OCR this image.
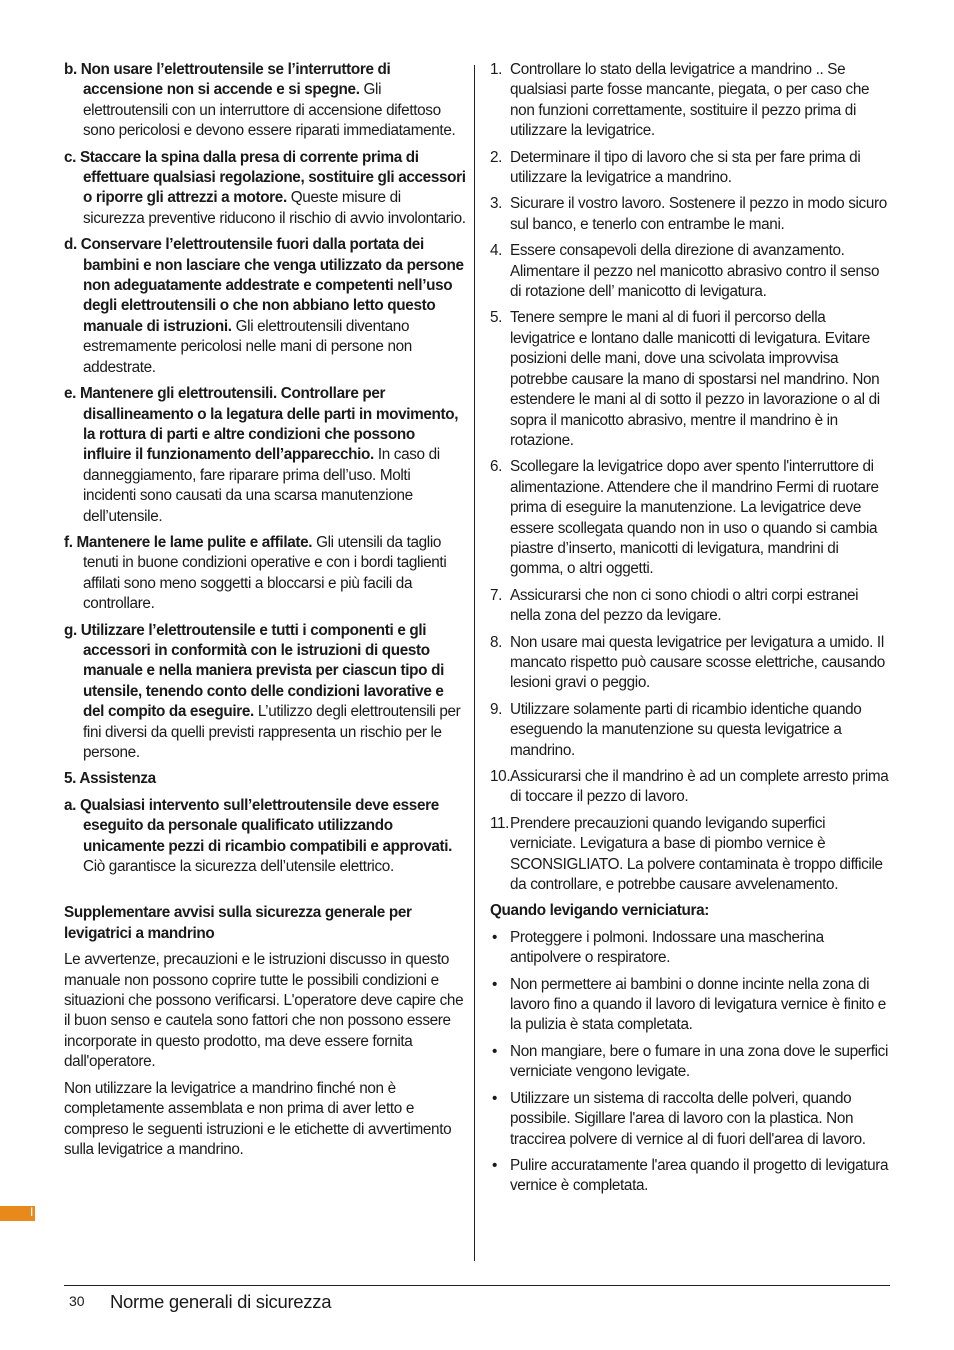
b. Non usare l’elettroutensile se l’interruttore di accensione non si accende e si spegne. Gli elettroutensili con un interruttore di accensione difettoso sono pericolosi e devono essere riparati immediatamente.

c. Staccare la spina dalla presa di corrente prima di effettuare qualsiasi regolazione, sostituire gli accessori o riporre gli attrezzi a motore. Queste misure di sicurezza preventive riducono il rischio di avvio involontario.

d. Conservare l’elettroutensile fuori dalla portata dei bambini e non lasciare che venga utilizzato da persone non adeguatamente addestrate e competenti nell’uso degli elettroutensili o che non abbiano letto questo manuale di istruzioni. Gli elettroutensili diventano estremamente pericolosi nelle mani di persone non addestrate.

e. Mantenere gli elettroutensili. Controllare per disallineamento o la legatura delle parti in movimento, la rottura di parti e altre condizioni che possono influire il funzionamento dell’apparecchio. In caso di danneggiamento, fare riparare prima dell’uso. Molti incidenti sono causati da una scarsa manutenzione dell’utensile.

f. Mantenere le lame pulite e affilate. Gli utensili da taglio tenuti in buone condizioni operative e con i bordi taglienti affilati sono meno soggetti a bloccarsi e più facili da controllare.

g. Utilizzare l’elettroutensile e tutti i componenti e gli accessori in conformità con le istruzioni di questo manuale e nella maniera prevista per ciascun tipo di utensile, tenendo conto delle condizioni lavorative e del compito da eseguire. L’utilizzo degli elettroutensili per fini diversi da quelli previsti rappresenta un rischio per le persone.

5. Assistenza

a. Qualsiasi intervento sull’elettroutensile deve essere eseguito da personale qualificato utilizzando unicamente pezzi di ricambio compatibili e approvati. Ciò garantisce la sicurezza dell’utensile elettrico.

Supplementare avvisi sulla sicurezza generale per levigatrici a mandrino

Le avvertenze, precauzioni e le istruzioni discusso in questo manuale non possono coprire tutte le possibili condizioni e situazioni che possono verificarsi. L'operatore deve capire che il buon senso e cautela sono fattori che non possono essere incorporate in questo prodotto, ma deve essere fornita dall'operatore.

Non utilizzare la levigatrice a mandrino finché non è completamente assemblata e non prima di aver letto e compreso le seguenti istruzioni e le etichette di avvertimento sulla levigatrice a mandrino.

1. Controllare lo stato della levigatrice a mandrino .. Se qualsiasi parte fosse mancante, piegata, o per caso che non funzioni correttamente, sostituire il pezzo prima di utilizzare la levigatrice.
2. Determinare il tipo di lavoro che si sta per fare prima di utilizzare la levigatrice a mandrino.
3. Sicurare il vostro lavoro. Sostenere il pezzo in modo sicuro sul banco, e tenerlo con entrambe le mani.
4. Essere consapevoli della direzione di avanzamento. Alimentare il pezzo nel manicotto abrasivo contro il senso di rotazione dell’ manicotto di levigatura.
5. Tenere sempre le mani al di fuori il percorso della levigatrice e lontano dalle manicotti di levigatura. Evitare posizioni delle mani, dove una scivolata improvvisa potrebbe causare la mano di spostarsi nel mandrino. Non estendere le mani al di sotto il pezzo in lavorazione o al di sopra il manicotto abrasivo, mentre il mandrino è in rotazione.
6. Scollegare la levigatrice dopo aver spento l'interruttore di alimentazione. Attendere che il mandrino Fermi di ruotare prima di eseguire la manutenzione. La levigatrice deve essere scollegata quando non in uso o quando si cambia piastre d’inserto, manicotti di levigatura, mandrini di gomma, o altri oggetti.
7. Assicurarsi che non ci sono chiodi o altri corpi estranei nella zona del pezzo da levigare.
8. Non usare mai questa levigatrice per levigatura a umido. Il mancato rispetto può causare scosse elettriche, causando lesioni gravi o peggio.
9. Utilizzare solamente parti di ricambio identiche quando eseguendo la manutenzione su questa levigatrice a mandrino.
10. Assicurarsi che il mandrino è ad un complete arresto prima di toccare il pezzo di lavoro.
11. Prendere precauzioni quando levigando superfici verniciate. Levigatura a base di piombo vernice è SCONSIGLIATO. La polvere contaminata è troppo difficile da controllare, e potrebbe causare avvelenamento.

Quando levigando verniciatura:

• Proteggere i polmoni. Indossare una mascherina antipolvere o respiratore.
• Non permettere ai bambini o donne incinte nella zona di lavoro fino a quando il lavoro di levigatura vernice è finito e la pulizia è stata completata.
• Non mangiare, bere o fumare in una zona dove le superfici verniciate vengono levigate.
• Utilizzare un sistema di raccolta delle polveri, quando possibile. Sigillare l'area di lavoro con la plastica. Non traccirea polvere di vernice al di fuori dell'area di lavoro.
• Pulire accuratamente l'area quando il progetto di levigatura vernice è completata.
I
30 Norme generali di sicurezza
